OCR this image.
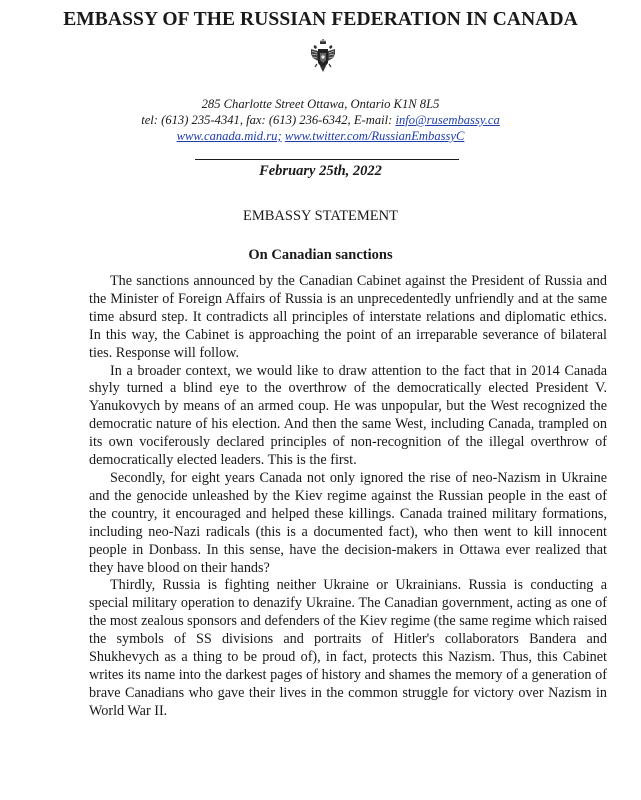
EMBASSY OF THE RUSSIAN FEDERATION IN CANADA
285 Charlotte Street Ottawa, Ontario K1N 8L5
tel: (613) 235-4341, fax: (613) 236-6342, E-mail: info@rusembassy.ca
www.canada.mid.ru; www.twitter.com/RussianEmbassyC
February 25th, 2022
EMBASSY STATEMENT
On Canadian sanctions

The sanctions announced by the Canadian Cabinet against the President of Russia and the Minister of Foreign Affairs of Russia is an unprecedentedly unfriendly and at the same time absurd step. It contradicts all principles of interstate relations and diplomatic ethics. In this way, the Cabinet is approaching the point of an irreparable severance of bilateral ties. Response will follow.

In a broader context, we would like to draw attention to the fact that in 2014 Canada shyly turned a blind eye to the overthrow of the democratically elected President V. Yanukovych by means of an armed coup. He was unpopular, but the West recognized the democratic nature of his election. And then the same West, including Canada, trampled on its own vociferously declared principles of non-recognition of the illegal overthrow of democratically elected leaders. This is the first.

Secondly, for eight years Canada not only ignored the rise of neo-Nazism in Ukraine and the genocide unleashed by the Kiev regime against the Russian people in the east of the country, it encouraged and helped these killings. Canada trained military formations, including neo-Nazi radicals (this is a documented fact), who then went to kill innocent people in Donbass. In this sense, have the decision-makers in Ottawa ever realized that they have blood on their hands?

Thirdly, Russia is fighting neither Ukraine or Ukrainians. Russia is conducting a special military operation to denazify Ukraine. The Canadian government, acting as one of the most zealous sponsors and defenders of the Kiev regime (the same regime which raised the symbols of SS divisions and portraits of Hitler's collaborators Bandera and Shukhevych as a thing to be proud of), in fact, protects this Nazism. Thus, this Cabinet writes its name into the darkest pages of history and shames the memory of a generation of brave Canadians who gave their lives in the common struggle for victory over Nazism in World War II.
